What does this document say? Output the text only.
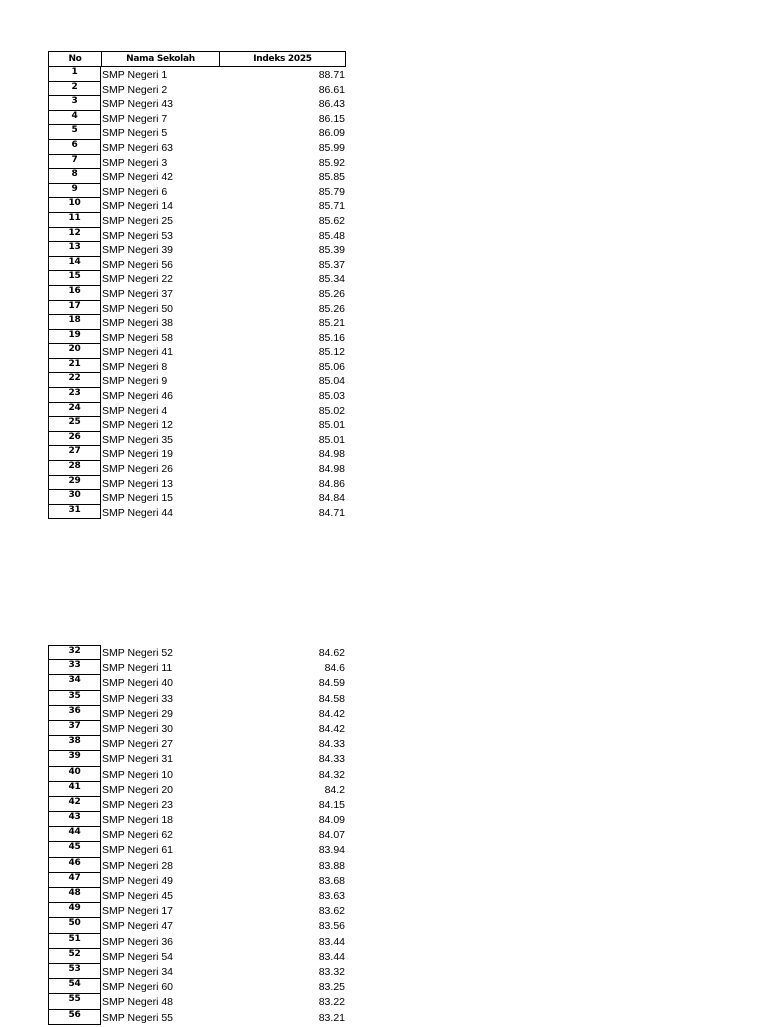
No	Nama Sekolah	Indeks 2025
1	SMP Negeri 1	88.71
2	SMP Negeri 2	86.61
3	SMP Negeri 43	86.43
4	SMP Negeri 7	86.15
5	SMP Negeri 5	86.09
6	SMP Negeri 63	85.99
7	SMP Negeri 3	85.92
8	SMP Negeri 42	85.85
9	SMP Negeri 6	85.79
10	SMP Negeri 14	85.71
11	SMP Negeri 25	85.62
12	SMP Negeri 53	85.48
13	SMP Negeri 39	85.39
14	SMP Negeri 56	85.37
15	SMP Negeri 22	85.34
16	SMP Negeri 37	85.26
17	SMP Negeri 50	85.26
18	SMP Negeri 38	85.21
19	SMP Negeri 58	85.16
20	SMP Negeri 41	85.12
21	SMP Negeri 8	85.06
22	SMP Negeri 9	85.04
23	SMP Negeri 46	85.03
24	SMP Negeri 4	85.02
25	SMP Negeri 12	85.01
26	SMP Negeri 35	85.01
27	SMP Negeri 19	84.98
28	SMP Negeri 26	84.98
29	SMP Negeri 13	84.86
30	SMP Negeri 15	84.84
31	SMP Negeri 44	84.71
32	SMP Negeri 52	84.62
33	SMP Negeri 11	84.6
34	SMP Negeri 40	84.59
35	SMP Negeri 33	84.58
36	SMP Negeri 29	84.42
37	SMP Negeri 30	84.42
38	SMP Negeri 27	84.33
39	SMP Negeri 31	84.33
40	SMP Negeri 10	84.32
41	SMP Negeri 20	84.2
42	SMP Negeri 23	84.15
43	SMP Negeri 18	84.09
44	SMP Negeri 62	84.07
45	SMP Negeri 61	83.94
46	SMP Negeri 28	83.88
47	SMP Negeri 49	83.68
48	SMP Negeri 45	83.63
49	SMP Negeri 17	83.62
50	SMP Negeri 47	83.56
51	SMP Negeri 36	83.44
52	SMP Negeri 54	83.44
53	SMP Negeri 34	83.32
54	SMP Negeri 60	83.25
55	SMP Negeri 48	83.22
56	SMP Negeri 55	83.21
